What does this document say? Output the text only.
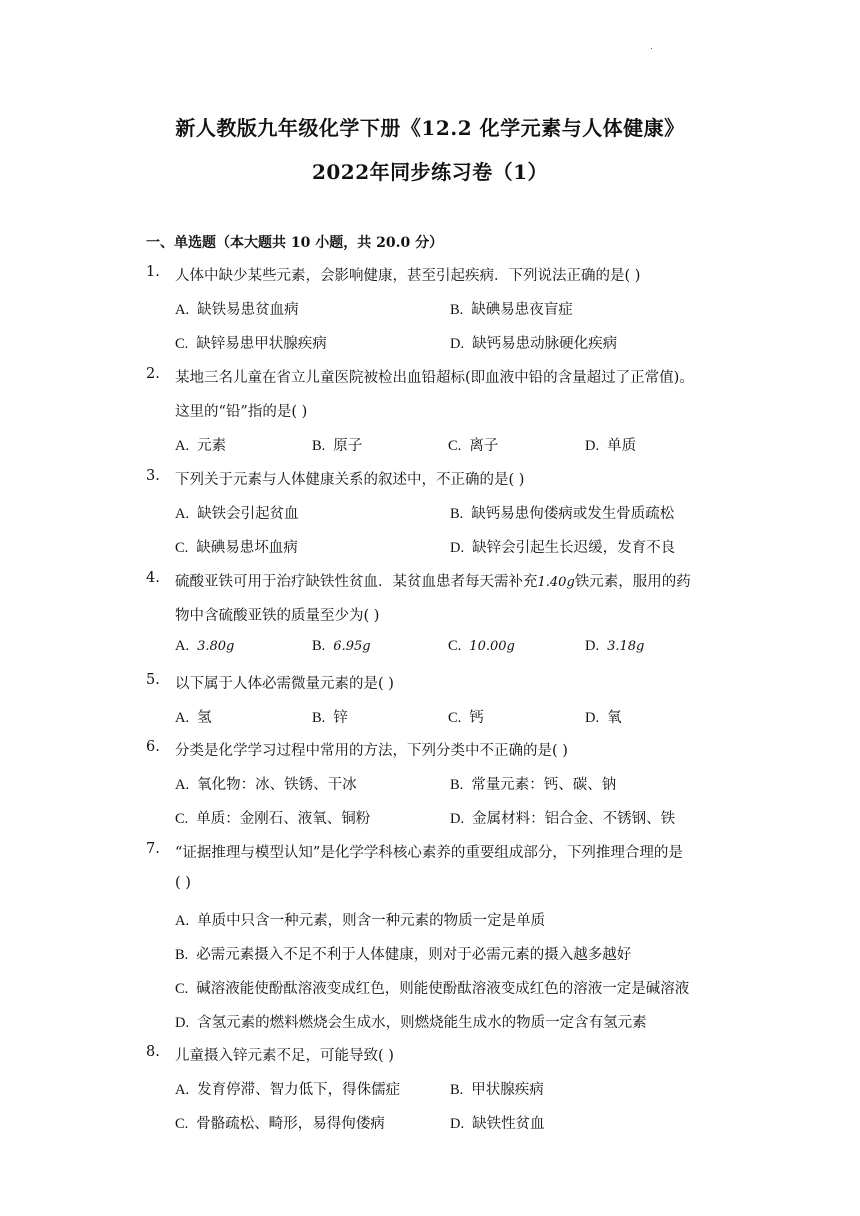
.
新人教版九年级化学下册《12.2 化学元素与人体健康》
2022年同步练习卷（1）
一、单选题（本大题共 10 小题，共 20.0 分）
1. 人体中缺少某些元素，会影响健康，甚至引起疾病．下列说法正确的是( )
A. 缺铁易患贫血病	B. 缺碘易患夜盲症
C. 缺锌易患甲状腺疾病	D. 缺钙易患动脉硬化疾病
2. 某地三名儿童在省立儿童医院被检出血铅超标(即血液中铅的含量超过了正常值)。
这里的“铅”指的是( )
A. 元素	B. 原子	C. 离子	D. 单质
3. 下列关于元素与人体健康关系的叙述中，不正确的是( )
A. 缺铁会引起贫血	B. 缺钙易患佝偻病或发生骨质疏松
C. 缺碘易患坏血病	D. 缺锌会引起生长迟缓，发育不良
4. 硫酸亚铁可用于治疗缺铁性贫血．某贫血患者每天需补充1.40g铁元素，服用的药
物中含硫酸亚铁的质量至少为( )
A. 3.80g	B. 6.95g	C. 10.00g	D. 3.18g
5. 以下属于人体必需微量元素的是( )
A. 氢	B. 锌	C. 钙	D. 氧
6. 分类是化学学习过程中常用的方法，下列分类中不正确的是( )
A. 氧化物：冰、铁锈、干冰	B. 常量元素：钙、碳、钠
C. 单质：金刚石、液氧、铜粉	D. 金属材料：铝合金、不锈钢、铁
7. “证据推理与模型认知”是化学学科核心素养的重要组成部分，下列推理合理的是
( )
A. 单质中只含一种元素，则含一种元素的物质一定是单质
B. 必需元素摄入不足不利于人体健康，则对于必需元素的摄入越多越好
C. 碱溶液能使酚酞溶液变成红色，则能使酚酞溶液变成红色的溶液一定是碱溶液
D. 含氢元素的燃料燃烧会生成水，则燃烧能生成水的物质一定含有氢元素
8. 儿童摄入锌元素不足，可能导致( )
A. 发育停滞、智力低下，得侏儒症	B. 甲状腺疾病
C. 骨骼疏松、畸形，易得佝偻病	D. 缺铁性贫血
